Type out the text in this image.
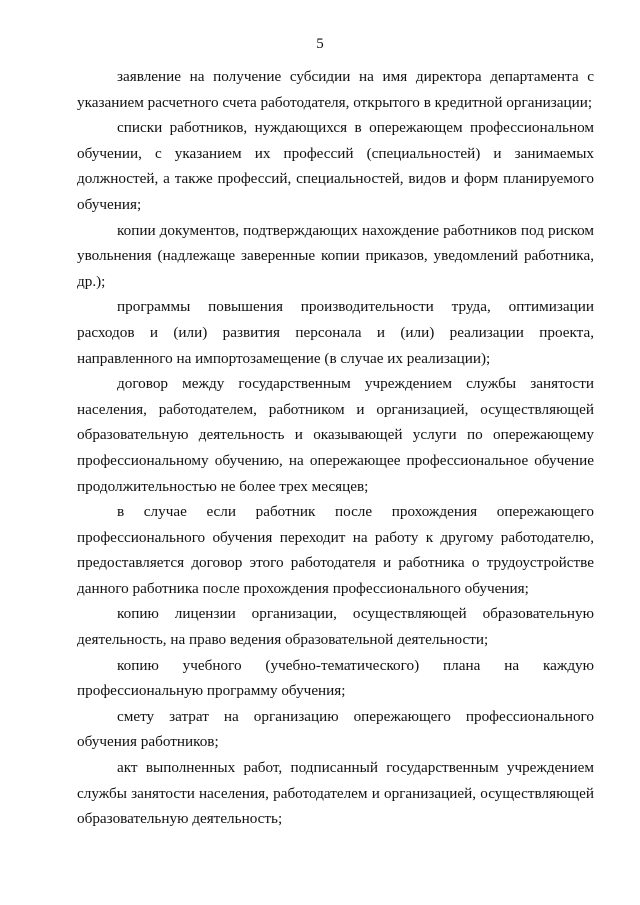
5

заявление на получение субсидии на имя директора департамента с указанием расчетного счета работодателя, открытого в кредитной организации;

списки работников, нуждающихся в опережающем профессиональном обучении, с указанием их профессий (специальностей) и занимаемых должностей, а также профессий, специальностей, видов и форм планируемого обучения;

копии документов, подтверждающих нахождение работников под риском увольнения (надлежаще заверенные копии приказов, уведомлений работника, др.);

программы повышения производительности труда, оптимизации расходов и (или) развития персонала и (или) реализации проекта, направленного на импортозамещение (в случае их реализации);

договор между государственным учреждением службы занятости населения, работодателем, работником и организацией, осуществляющей образовательную деятельность и оказывающей услуги по опережающему профессиональному обучению, на опережающее профессиональное обучение продолжительностью не более трех месяцев;

в случае если работник после прохождения опережающего профессионального обучения переходит на работу к другому работодателю, предоставляется договор этого работодателя и работника о трудоустройстве данного работника после прохождения профессионального обучения;

копию лицензии организации, осуществляющей образовательную деятельность, на право ведения образовательной деятельности;

копию учебного (учебно-тематического) плана на каждую профессиональную программу обучения;

смету затрат на организацию опережающего профессионального обучения работников;

акт выполненных работ, подписанный государственным учреждением службы занятости населения, работодателем и организацией, осуществляющей образовательную деятельность;
